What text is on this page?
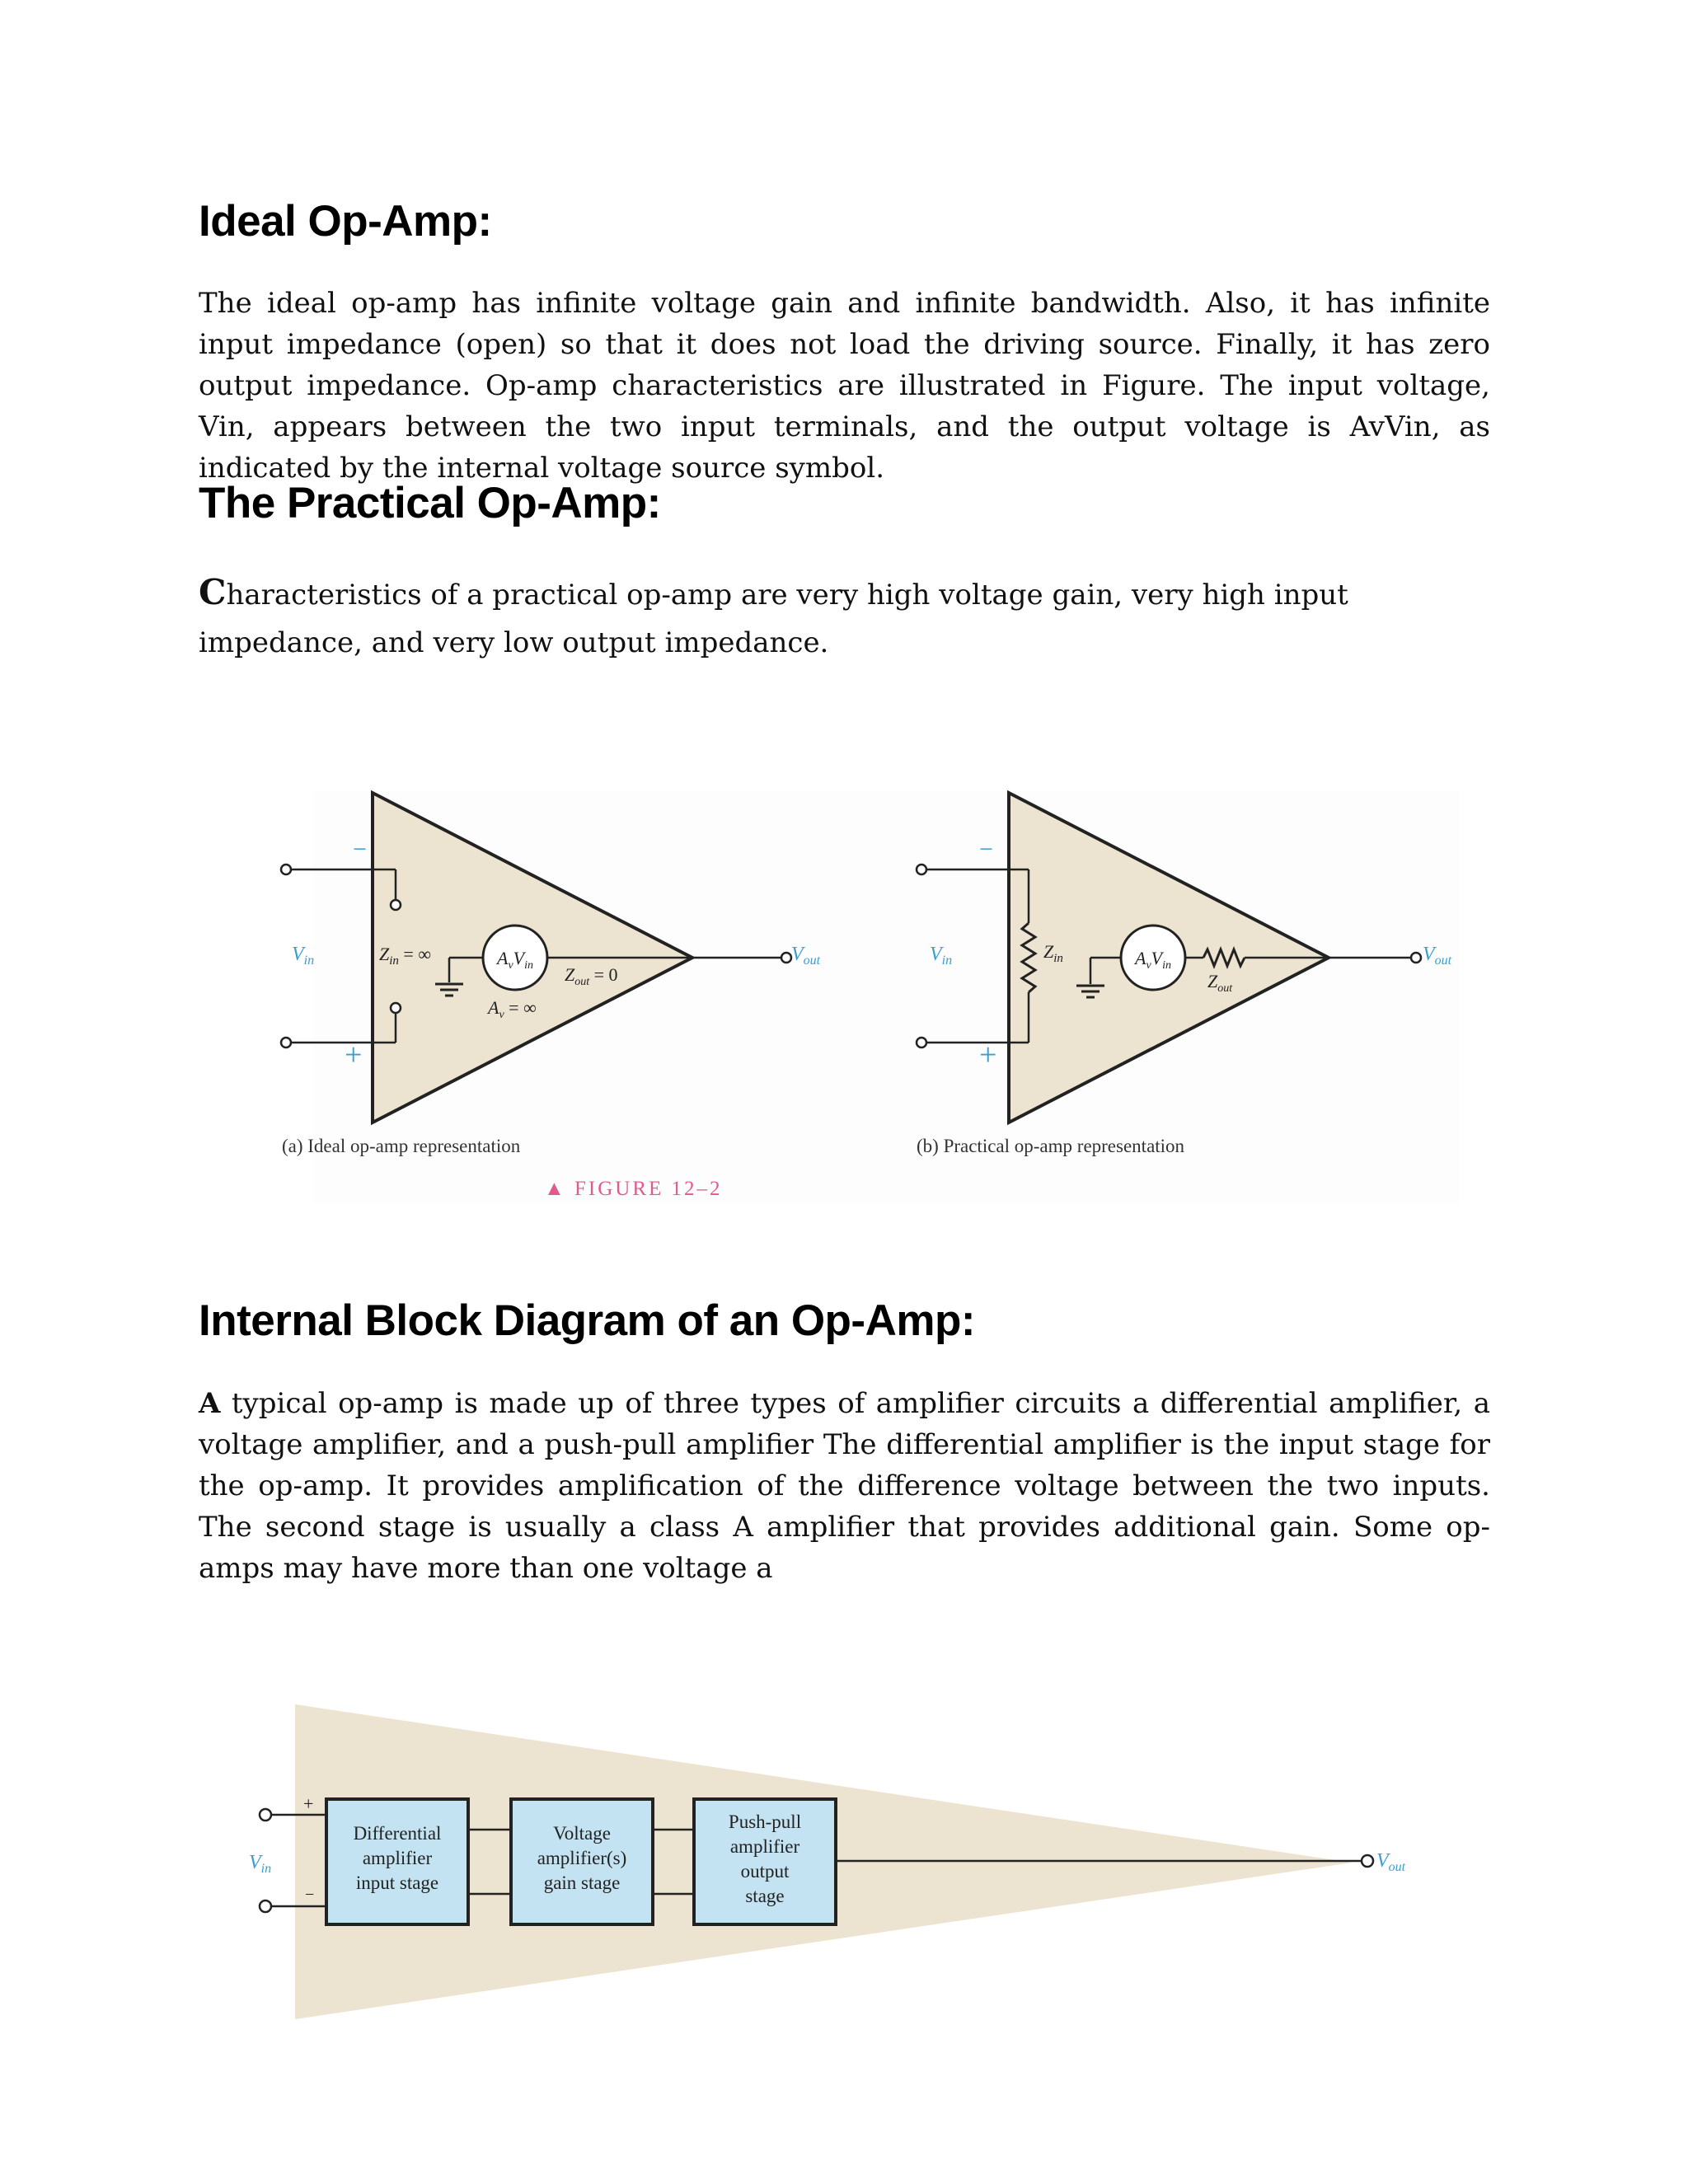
Ideal Op-Amp:

The ideal op-amp has infinite voltage gain and infinite bandwidth. Also, it has infinite input impedance (open) so that it does not load the driving source. Finally, it has zero output impedance. Op-amp characteristics are illustrated in Figure. The input voltage, Vin, appears between the two input terminals, and the output voltage is AvVin, as indicated by the internal voltage source symbol.

The Practical Op-Amp:

Characteristics of a practical op-amp are very high voltage gain, very high input impedance, and very low output impedance.

−
+
$V_{in}$	$Z_{in}$ = ∞	$A_vV_{in}$ $Z_{out} = 0$
$A_v$ = ∞
$V_{out}$
(a) Ideal op-amp representation
−
+
$V_{in}$	$Z_{in}$	$A_vV_{in}$
$Z_{out}$
$V_{out}$
(b) Practical op-amp representation
▲ FIGURE 12–2
Internal Block Diagram of an Op-Amp:

A typical op-amp is made up of three types of amplifier circuits a differential amplifier, a voltage amplifier, and a push-pull amplifier The differential amplifier is the input stage for the op-amp. It provides amplification of the difference voltage between the two inputs. The second stage is usually a class A amplifier that provides additional gain. Some op-amps may have more than one voltage a

+
−
$V_{in}$
Differential
amplifier
input stage
Voltage
amplifier(s)
gain stage
Push-pull
amplifier
output
stage
$V_{out}$
